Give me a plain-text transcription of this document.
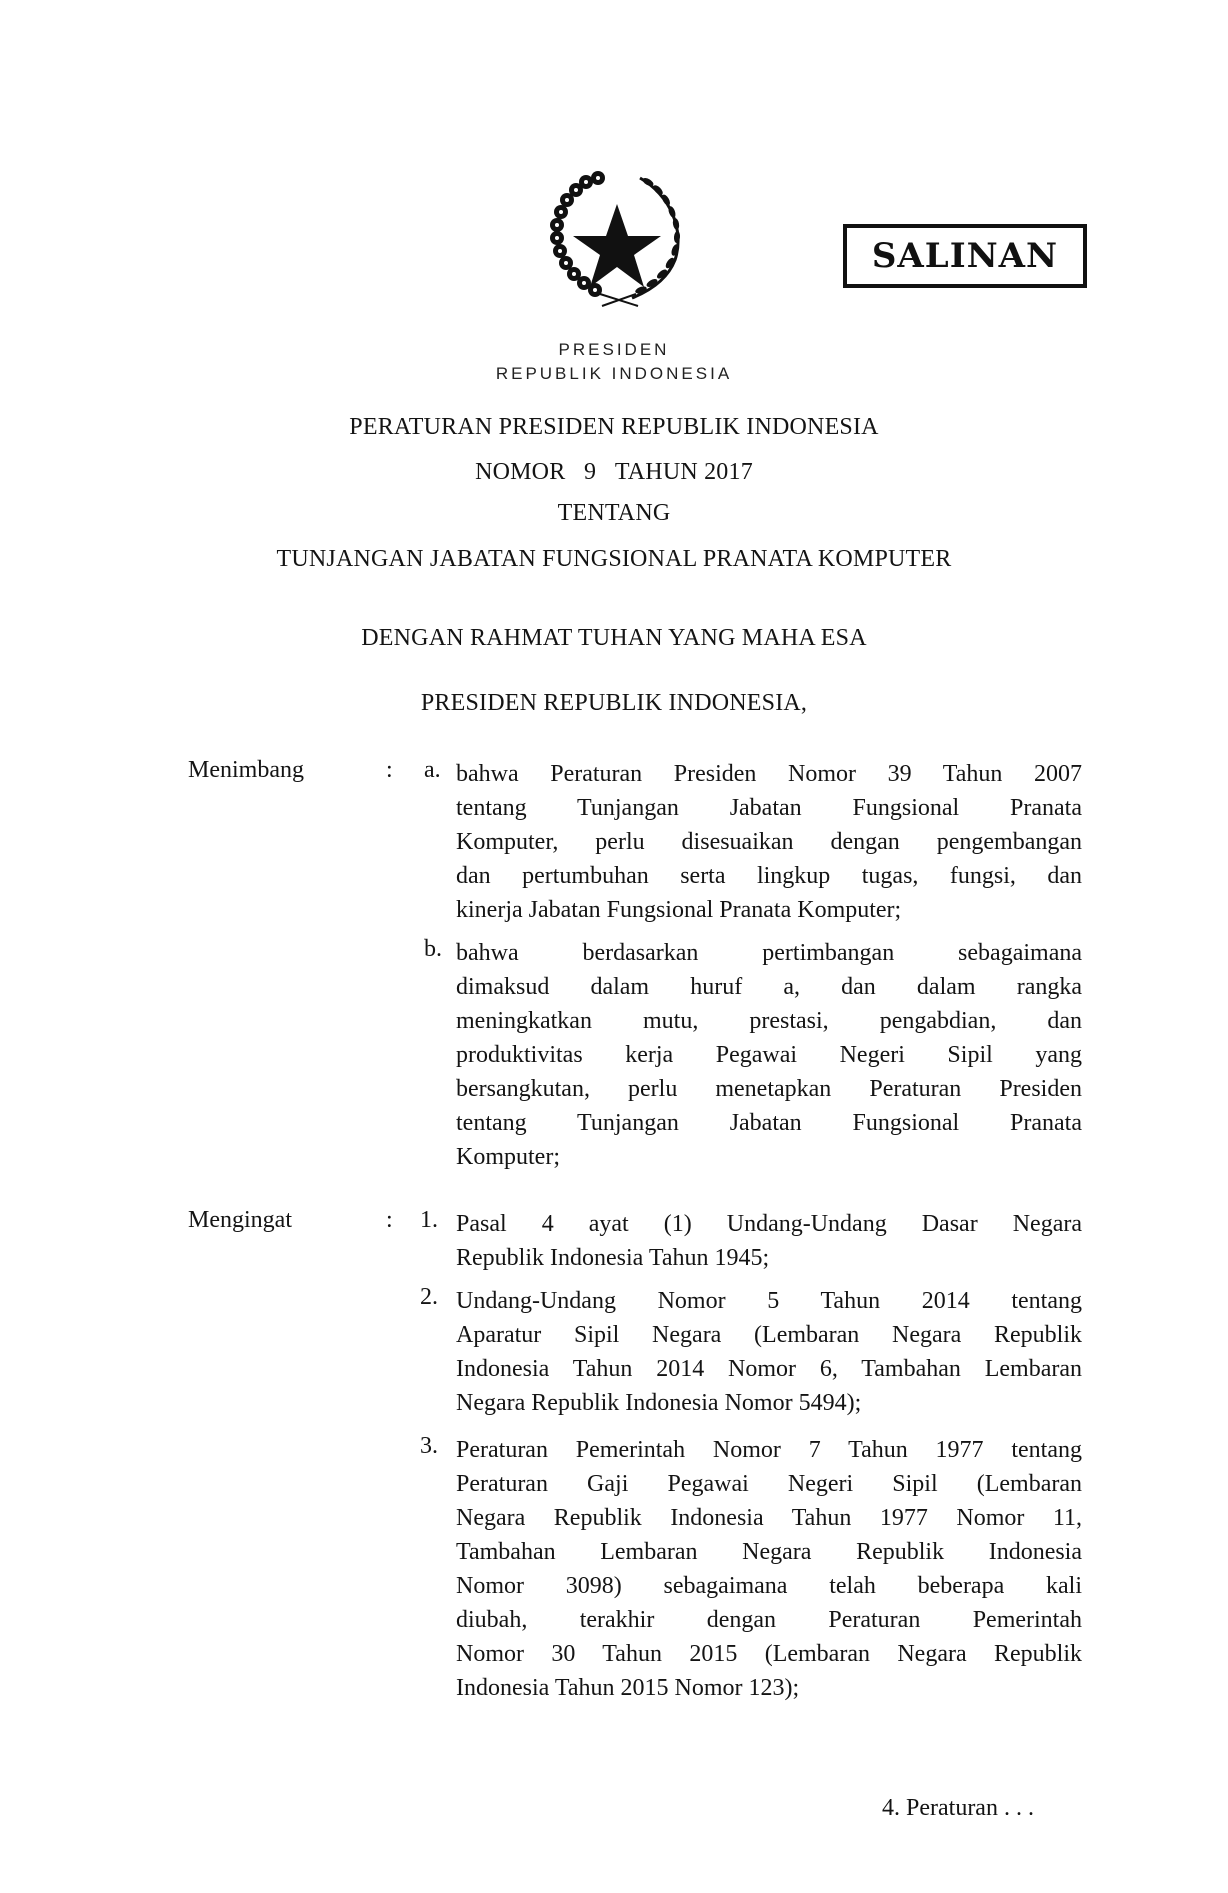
SALINAN
PRESIDEN
REPUBLIK INDONESIA
PERATURAN PRESIDEN REPUBLIK INDONESIA
NOMOR 9 TAHUN 2017
TENTANG
TUNJANGAN JABATAN FUNGSIONAL PRANATA KOMPUTER
DENGAN RAHMAT TUHAN YANG MAHA ESA
PRESIDEN REPUBLIK INDONESIA,
Menimbang	: a. bahwa Peraturan Presiden Nomor 39 Tahun 2007
tentang Tunjangan Jabatan Fungsional Pranata
Komputer, perlu disesuaikan dengan pengembangan
dan pertumbuhan serta lingkup tugas, fungsi, dan
kinerja Jabatan Fungsional Pranata Komputer;
b. bahwa berdasarkan pertimbangan sebagaimana
dimaksud dalam huruf a, dan dalam rangka
meningkatkan mutu, prestasi, pengabdian, dan
produktivitas kerja Pegawai Negeri Sipil yang
bersangkutan, perlu menetapkan Peraturan Presiden
tentang Tunjangan Jabatan Fungsional Pranata
Komputer;
Mengingat	: 1. Pasal 4 ayat (1) Undang-Undang Dasar Negara
Republik Indonesia Tahun 1945;
2. Undang-Undang Nomor 5 Tahun 2014 tentang
Aparatur Sipil Negara (Lembaran Negara Republik
Indonesia Tahun 2014 Nomor 6, Tambahan Lembaran
Negara Republik Indonesia Nomor 5494);
3. Peraturan Pemerintah Nomor 7 Tahun 1977 tentang
Peraturan Gaji Pegawai Negeri Sipil (Lembaran
Negara Republik Indonesia Tahun 1977 Nomor 11,
Tambahan Lembaran Negara Republik Indonesia
Nomor 3098) sebagaimana telah beberapa kali
diubah, terakhir dengan Peraturan Pemerintah
Nomor 30 Tahun 2015 (Lembaran Negara Republik
Indonesia Tahun 2015 Nomor 123);
4. Peraturan . . .
